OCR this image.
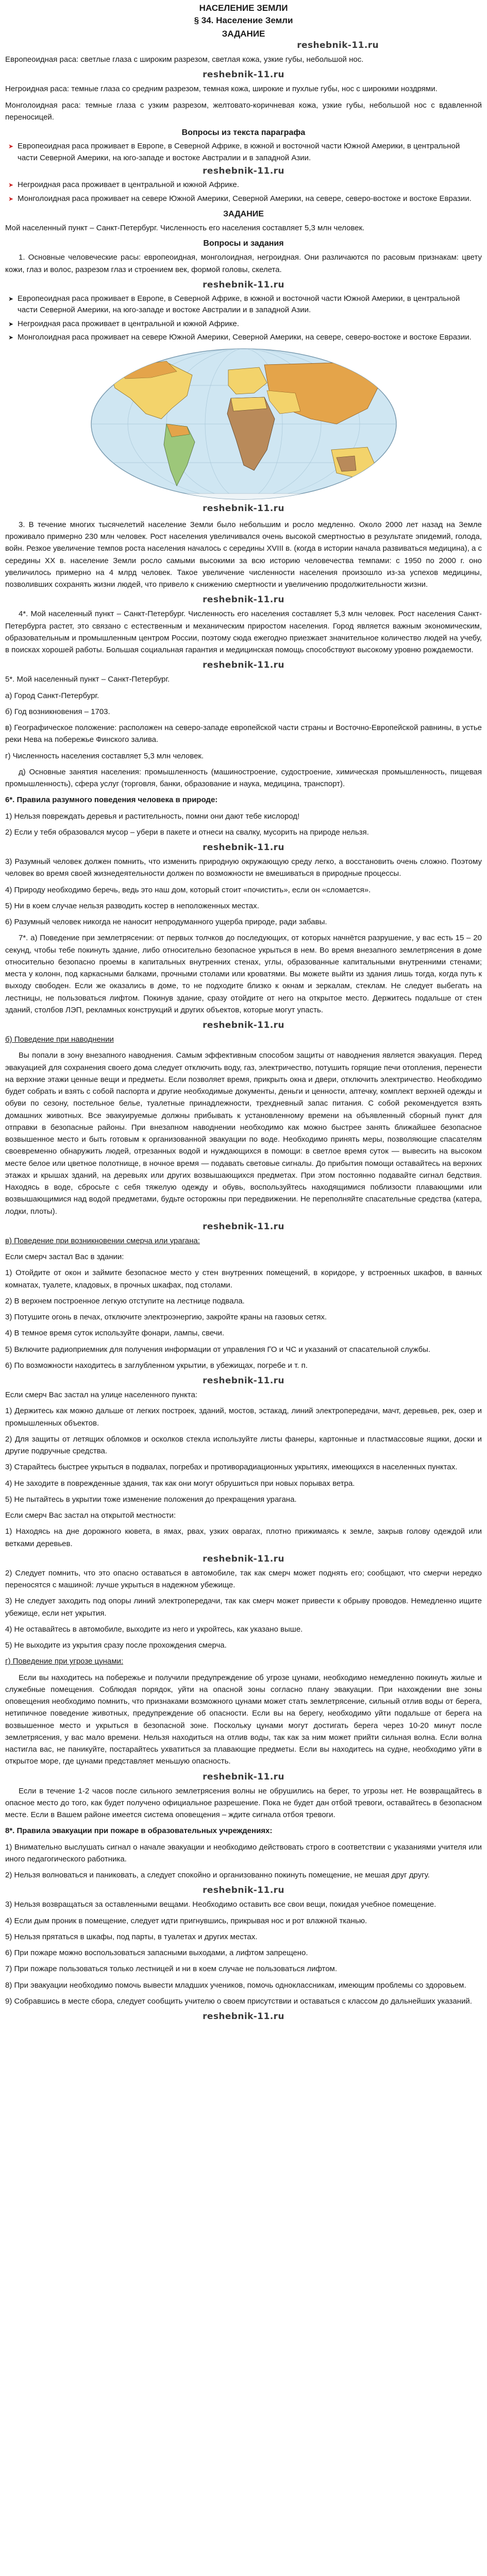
НАСЕЛЕНИЕ ЗЕМЛИ
§ 34. Население Земли
ЗАДАНИЕ
reshebnik-11.ru

Европеоидная раса: светлые глаза с широким разрезом, светлая кожа, узкие губы, небольшой нос.

reshebnik-11.ru

Негроидная раса: темные глаза со средним разрезом, темная кожа, широкие и пухлые губы, нос с широкими ноздрями.

Монголоидная раса: темные глаза с узким разрезом, желтовато-коричневая кожа, узкие губы, небольшой нос с вдавленной переносицей.

Вопросы из текста параграфа
➤ Европеоидная раса проживает в Европе, в Северной Африке, в южной и восточной части Южной Америки, в центральной части Северной Америки, на юго-западе и востоке Австралии и в западной Азии.
reshebnik-11.ru
➤ Негроидная раса проживает в центральной и южной Африке.
➤ Монголоидная раса проживает на севере Южной Америки, Северной Америки, на севере, северо-востоке и востоке Евразии.
ЗАДАНИЕ

Мой населенный пункт – Санкт-Петербург. Численность его населения составляет 5,3 млн человек.

Вопросы и задания

1. Основные человеческие расы: европеоидная, монголоидная, негроидная. Они различаются по расовым признакам: цвету кожи, глаз и волос, разрезом глаз и строением век, формой головы, скелета.

reshebnik-11.ru
➤ Европеоидная раса проживает в Европе, в Северной Африке, в южной и восточной части Южной Америки, в центральной части Северной Америки, на юго-западе и востоке Австралии и в западной Азии.
➤ Негроидная раса проживает в центральной и южной Африке.
➤ Монголоидная раса проживает на севере Южной Америки, Северной Америки, на севере, северо-востоке и востоке Евразии.
reshebnik-11.ru

3. В течение многих тысячелетий население Земли было небольшим и росло медленно. Около 2000 лет назад на Земле проживало примерно 230 млн человек. Рост населения увеличивался очень высокой смертностью в результате эпидемий, голода, войн. Резкое увеличение темпов роста населения началось с середины XVIII в. (когда в истории начала развиваться медицина), а с середины XX в. население Земли росло самыми высокими за всю историю человечества темпами: с 1950 по 2000 г. оно увеличилось примерно на 4 млрд человек. Такое увеличение численности населения произошло из-за успехов медицины, позволивших сохранять жизни людей, что привело к снижению смертности и увеличению продолжительности жизни.

reshebnik-11.ru

4*. Мой населенный пункт – Санкт-Петербург. Численность его населения составляет 5,3 млн человек. Рост населения Санкт-Петербурга растет, это связано с естественным и механическим приростом населения. Город является важным экономическим, образовательным и промышленным центром России, поэтому сюда ежегодно приезжает значительное количество людей на учебу, в поисках хорошей работы. Большая социальная гарантия и медицинская помощь способствуют высокому уровню рождаемости.

reshebnik-11.ru

5*. Мой населенный пункт – Санкт-Петербург.

а) Город Санкт-Петербург.

б) Год возникновения – 1703.

в) Географическое положение: расположен на северо-западе европейской части страны и Восточно-Европейской равнины, в устье реки Нева на побережье Финского залива.

г) Численность населения составляет 5,3 млн человек.

д) Основные занятия населения: промышленность (машиностроение, судостроение, химическая промышленность, пищевая промышленность), сфера услуг (торговля, банки, образование и наука, медицина, транспорт).

6*. Правила разумного поведения человека в природе:

1) Нельзя повреждать деревья и растительность, помни они дают тебе кислород!

2) Если у тебя образовался мусор – убери в пакете и отнеси на свалку, мусорить на природе нельзя.

reshebnik-11.ru

3) Разумный человек должен помнить, что изменить природную окружающую среду легко, а восстановить очень сложно. Поэтому человек во время своей жизнедеятельности должен по возможности не вмешиваться в природные процессы.

4) Природу необходимо беречь, ведь это наш дом, который стоит «почистить», если он «сломается».

5) Ни в коем случае нельзя разводить костер в неположенных местах.

6) Разумный человек никогда не наносит непродуманного ущерба природе, ради забавы.

7*. а) Поведение при землетрясении: от первых толчков до последующих, от которых начнётся разрушение, у вас есть 15 – 20 секунд, чтобы тебе покинуть здание, либо относительно безопасное укрыться в нем. Во время внезапного землетрясения в доме относительно безопасно проемы в капитальных внутренних стенах, углы, образованные капитальными внутренними стенами; места у колонн, под каркасными балками, прочными столами или кроватями. Вы можете выйти из здания лишь тогда, когда путь к выходу свободен. Если же оказались в доме, то не подходите близко к окнам и зеркалам, стеклам. Не следует выбегать на лестницы, не пользоваться лифтом. Покинув здание, сразу отойдите от него на открытое место. Держитесь подальше от стен зданий, столбов ЛЭП, рекламных конструкций и других объектов, которые могут упасть.

reshebnik-11.ru

б) Поведение при наводнении

Вы попали в зону внезапного наводнения. Самым эффективным способом защиты от наводнения является эвакуация. Перед эвакуацией для сохранения своего дома следует отключить воду, газ, электричество, потушить горящие печи отопления, перенести на верхние этажи ценные вещи и предметы. Если позволяет время, прикрыть окна и двери, отключить электричество. Необходимо будет собрать и взять с собой паспорта и другие необходимые документы, деньги и ценности, аптечку, комплект верхней одежды и обуви по сезону, постельное белье, туалетные принадлежности, трехдневный запас питания. С собой рекомендуется взять домашних животных. Все эвакуируемые должны прибывать к установленному времени на объявленный сборный пункт для отправки в безопасные районы. При внезапном наводнении необходимо как можно быстрее занять ближайшее безопасное возвышенное место и быть готовым к организованной эвакуации по воде. Необходимо принять меры, позволяющие спасателям своевременно обнаружить людей, отрезанных водой и нуждающихся в помощи: в светлое время суток — вывесить на высоком месте белое или цветное полотнище, в ночное время — подавать световые сигналы. До прибытия помощи оставайтесь на верхних этажах и крышах зданий, на деревьях или других возвышающихся предметах. При этом постоянно подавайте сигнал бедствия. Находясь в воде, сбросьте с себя тяжелую одежду и обувь, воспользуйтесь находящимися поблизости плавающими или возвышающимися над водой предметами, будьте осторожны при передвижении. Не переполняйте спасательные средства (катера, лодки, плоты).

reshebnik-11.ru

в) Поведение при возникновении смерча или урагана:

Если смерч застал Вас в здании:

1) Отойдите от окон и займите безопасное место у стен внутренних помещений, в коридоре, у встроенных шкафов, в ванных комнатах, туалете, кладовых, в прочных шкафах, под столами.

2) В верхнем построенное легкую отступите на лестнице подвала.

3) Потушите огонь в печах, отключите электроэнергию, закройте краны на газовых сетях.

4) В темное время суток используйте фонари, лампы, свечи.

5) Включите радиоприемник для получения информации от управления ГО и ЧС и указаний от спасательной службы.

6) По возможности находитесь в заглубленном укрытии, в убежищах, погребе и т. п.

reshebnik-11.ru

Если смерч Вас застал на улице населенного пункта:

1) Держитесь как можно дальше от легких построек, зданий, мостов, эстакад, линий электропередачи, мачт, деревьев, рек, озер и промышленных объектов.

2) Для защиты от летящих обломков и осколков стекла используйте листы фанеры, картонные и пластмассовые ящики, доски и другие подручные средства.

3) Старайтесь быстрее укрыться в подвалах, погребах и противорадиационных укрытиях, имеющихся в населенных пунктах.

4) Не заходите в поврежденные здания, так как они могут обрушиться при новых порывах ветра.

5) Не пытайтесь в укрытии тоже изменение положения до прекращения урагана.

Если смерч Вас застал на открытой местности:

1) Находясь на дне дорожного кювета, в ямах, рвах, узких оврагах, плотно прижимаясь к земле, закрыв голову одеждой или ветками деревьев.

reshebnik-11.ru

2) Следует помнить, что это опасно оставаться в автомобиле, так как смерч может поднять его; сообщают, что смерчи нередко переносятся с машиной: лучше укрыться в надежном убежище.

3) Не следует заходить под опоры линий электропередачи, так как смерч может привести к обрыву проводов. Немедленно ищите убежище, если нет укрытия.

4) Не оставайтесь в автомобиле, выходите из него и укройтесь, как указано выше.

5) Не выходите из укрытия сразу после прохождения смерча.

г) Поведение при угрозе цунами:

Если вы находитесь на побережье и получили предупреждение об угрозе цунами, необходимо немедленно покинуть жилые и служебные помещения. Соблюдая порядок, уйти на опасной зоны согласно плану эвакуации. При нахождении вне зоны оповещения необходимо помнить, что признаками возможного цунами может стать землетрясение, сильный отлив воды от берега, нетипичное поведение животных, предупреждение об опасности. Если вы на берегу, необходимо уйти подальше от берега на возвышенное место и укрыться в безопасной зоне. Поскольку цунами могут достигать берега через 10-20 минут после землетрясения, у вас мало времени. Нельзя находиться на отлив воды, так как за ним может прийти сильная волна. Если волна настигла вас, не паникуйте, постарайтесь ухватиться за плавающие предметы. Если вы находитесь на судне, необходимо уйти в открытое море, где цунами представляет меньшую опасность.

reshebnik-11.ru

Если в течение 1-2 часов после сильного землетрясения волны не обрушились на берег, то угрозы нет. Не возвращайтесь в опасное место до того, как будет получено официальное разрешение. Пока не будет дан отбой тревоги, оставайтесь в безопасном месте. Если в Вашем районе имеется система оповещения – ждите сигнала отбоя тревоги.

8*. Правила эвакуации при пожаре в образовательных учреждениях:

1) Внимательно выслушать сигнал о начале эвакуации и необходимо действовать строго в соответствии с указаниями учителя или иного педагогического работника.

2) Нельзя волноваться и паниковать, а следует спокойно и организованно покинуть помещение, не мешая друг другу.

reshebnik-11.ru

3) Нельзя возвращаться за оставленными вещами. Необходимо оставить все свои вещи, покидая учебное помещение.

4) Если дым проник в помещение, следует идти пригнувшись, прикрывая нос и рот влажной тканью.

5) Нельзя прятаться в шкафы, под парты, в туалетах и других местах.

6) При пожаре можно воспользоваться запасными выходами, а лифтом запрещено.

7) При пожаре пользоваться только лестницей и ни в коем случае не пользоваться лифтом.

8) При эвакуации необходимо помочь вывести младших учеников, помочь одноклассникам, имеющим проблемы со здоровьем.

9) Собравшись в месте сбора, следует сообщить учителю о своем присутствии и оставаться с классом до дальнейших указаний.

reshebnik-11.ru
